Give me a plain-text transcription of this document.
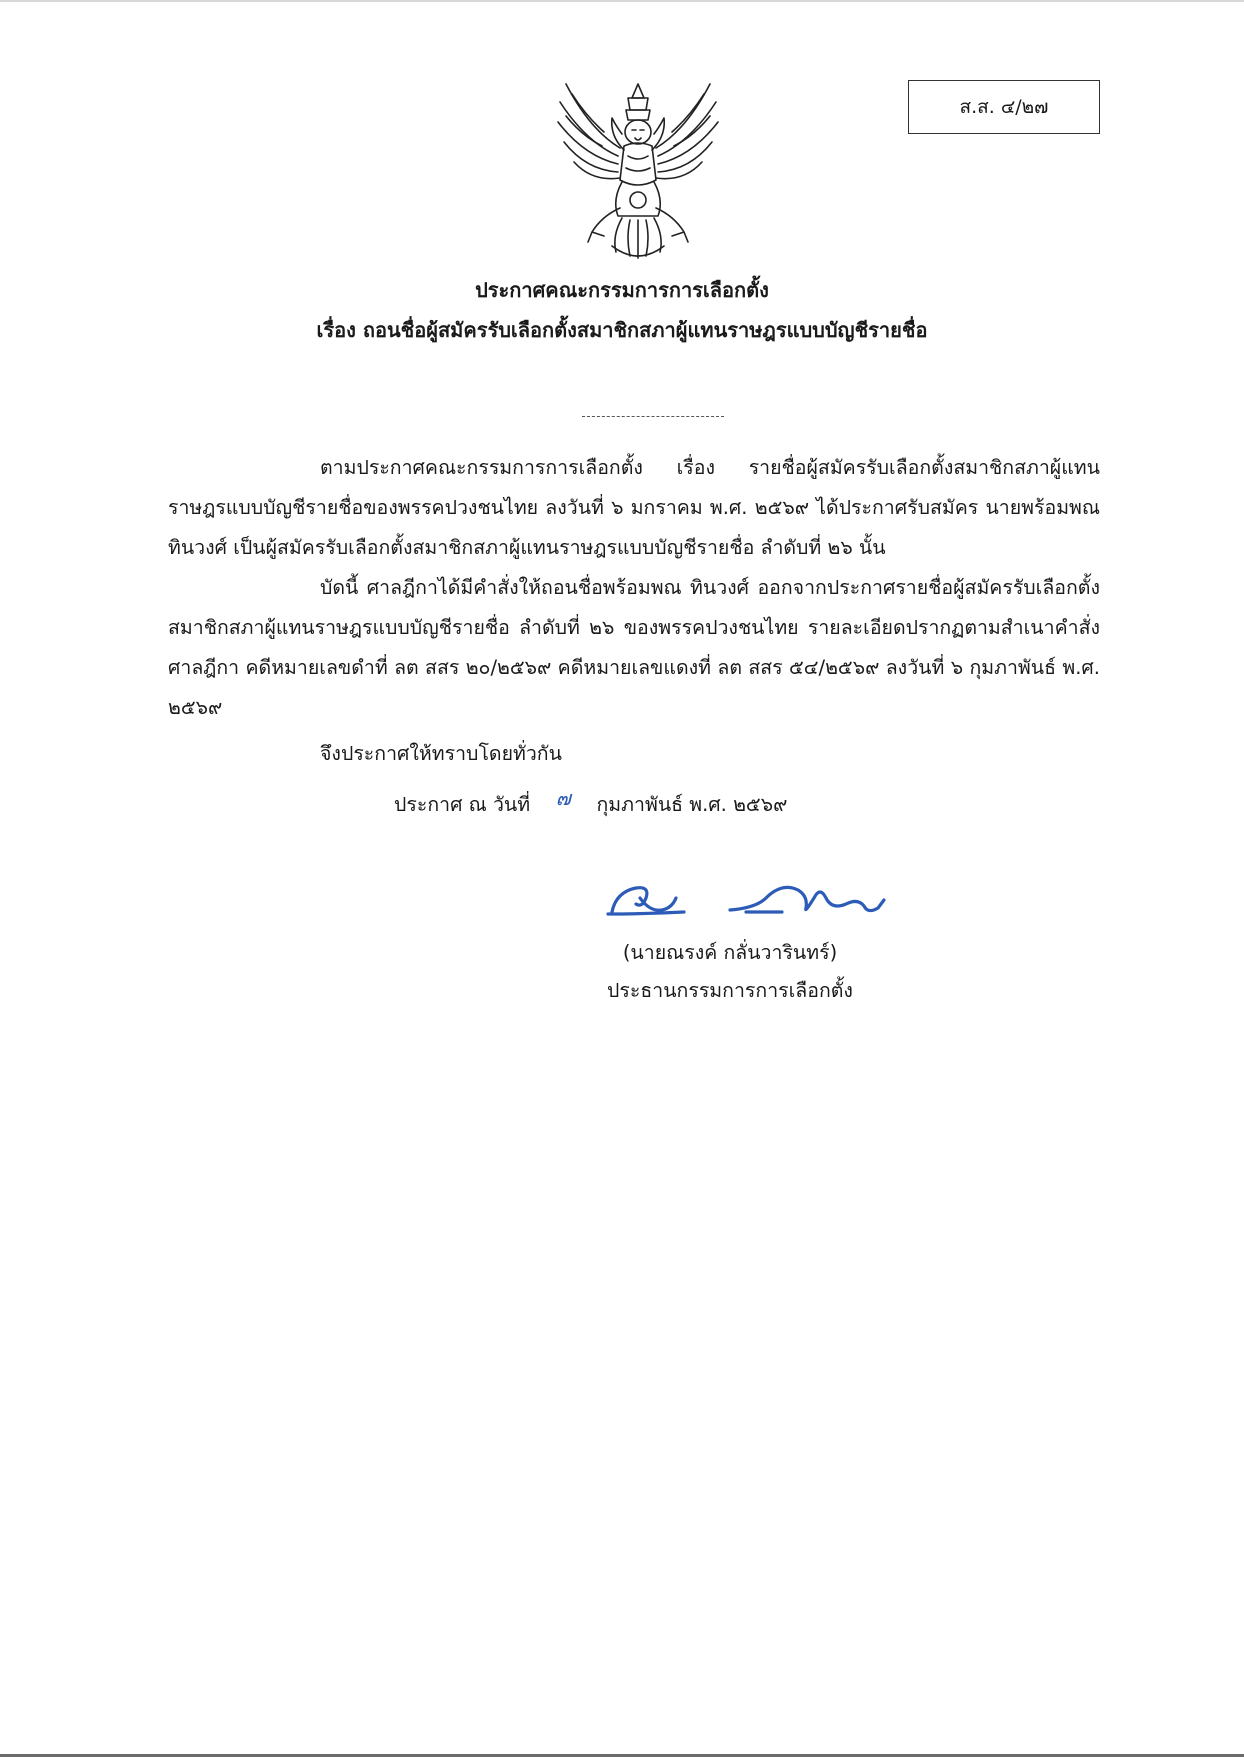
ส.ส. ๔/๒๗
ประกาศคณะกรรมการการเลือกตั้ง
เรื่อง ถอนชื่อผู้สมัครรับเลือกตั้งสมาชิกสภาผู้แทนราษฎรแบบบัญชีรายชื่อ

ตามประกาศคณะกรรมการการเลือกตั้ง เรื่อง รายชื่อผู้สมัครรับเลือกตั้งสมาชิกสภาผู้แทนราษฎรแบบบัญชีรายชื่อของพรรคปวงชนไทย ลงวันที่ ๖ มกราคม พ.ศ. ๒๕๖๙ ได้ประกาศรับสมัคร นายพร้อมพณ ทินวงศ์ เป็นผู้สมัครรับเลือกตั้งสมาชิกสภาผู้แทนราษฎรแบบบัญชีรายชื่อ ลำดับที่ ๒๖ นั้น

บัดนี้ ศาลฎีกาได้มีคำสั่งให้ถอนชื่อพร้อมพณ ทินวงศ์ ออกจากประกาศรายชื่อผู้สมัครรับเลือกตั้งสมาชิกสภาผู้แทนราษฎรแบบบัญชีรายชื่อ ลำดับที่ ๒๖ ของพรรคปวงชนไทย รายละเอียดปรากฏตามสำเนาคำสั่งศาลฎีกา คดีหมายเลขดำที่ ลต สสร ๒๐/๒๕๖๙ คดีหมายเลขแดงที่ ลต สสร ๕๔/๒๕๖๙ ลงวันที่ ๖ กุมภาพันธ์ พ.ศ. ๒๕๖๙

จึงประกาศให้ทราบโดยทั่วกัน
ประกาศ ณ วันที่ ๗ กุมภาพันธ์ พ.ศ. ๒๕๖๙
(นายณรงค์ กลั่นวารินทร์)
ประธานกรรมการการเลือกตั้ง
